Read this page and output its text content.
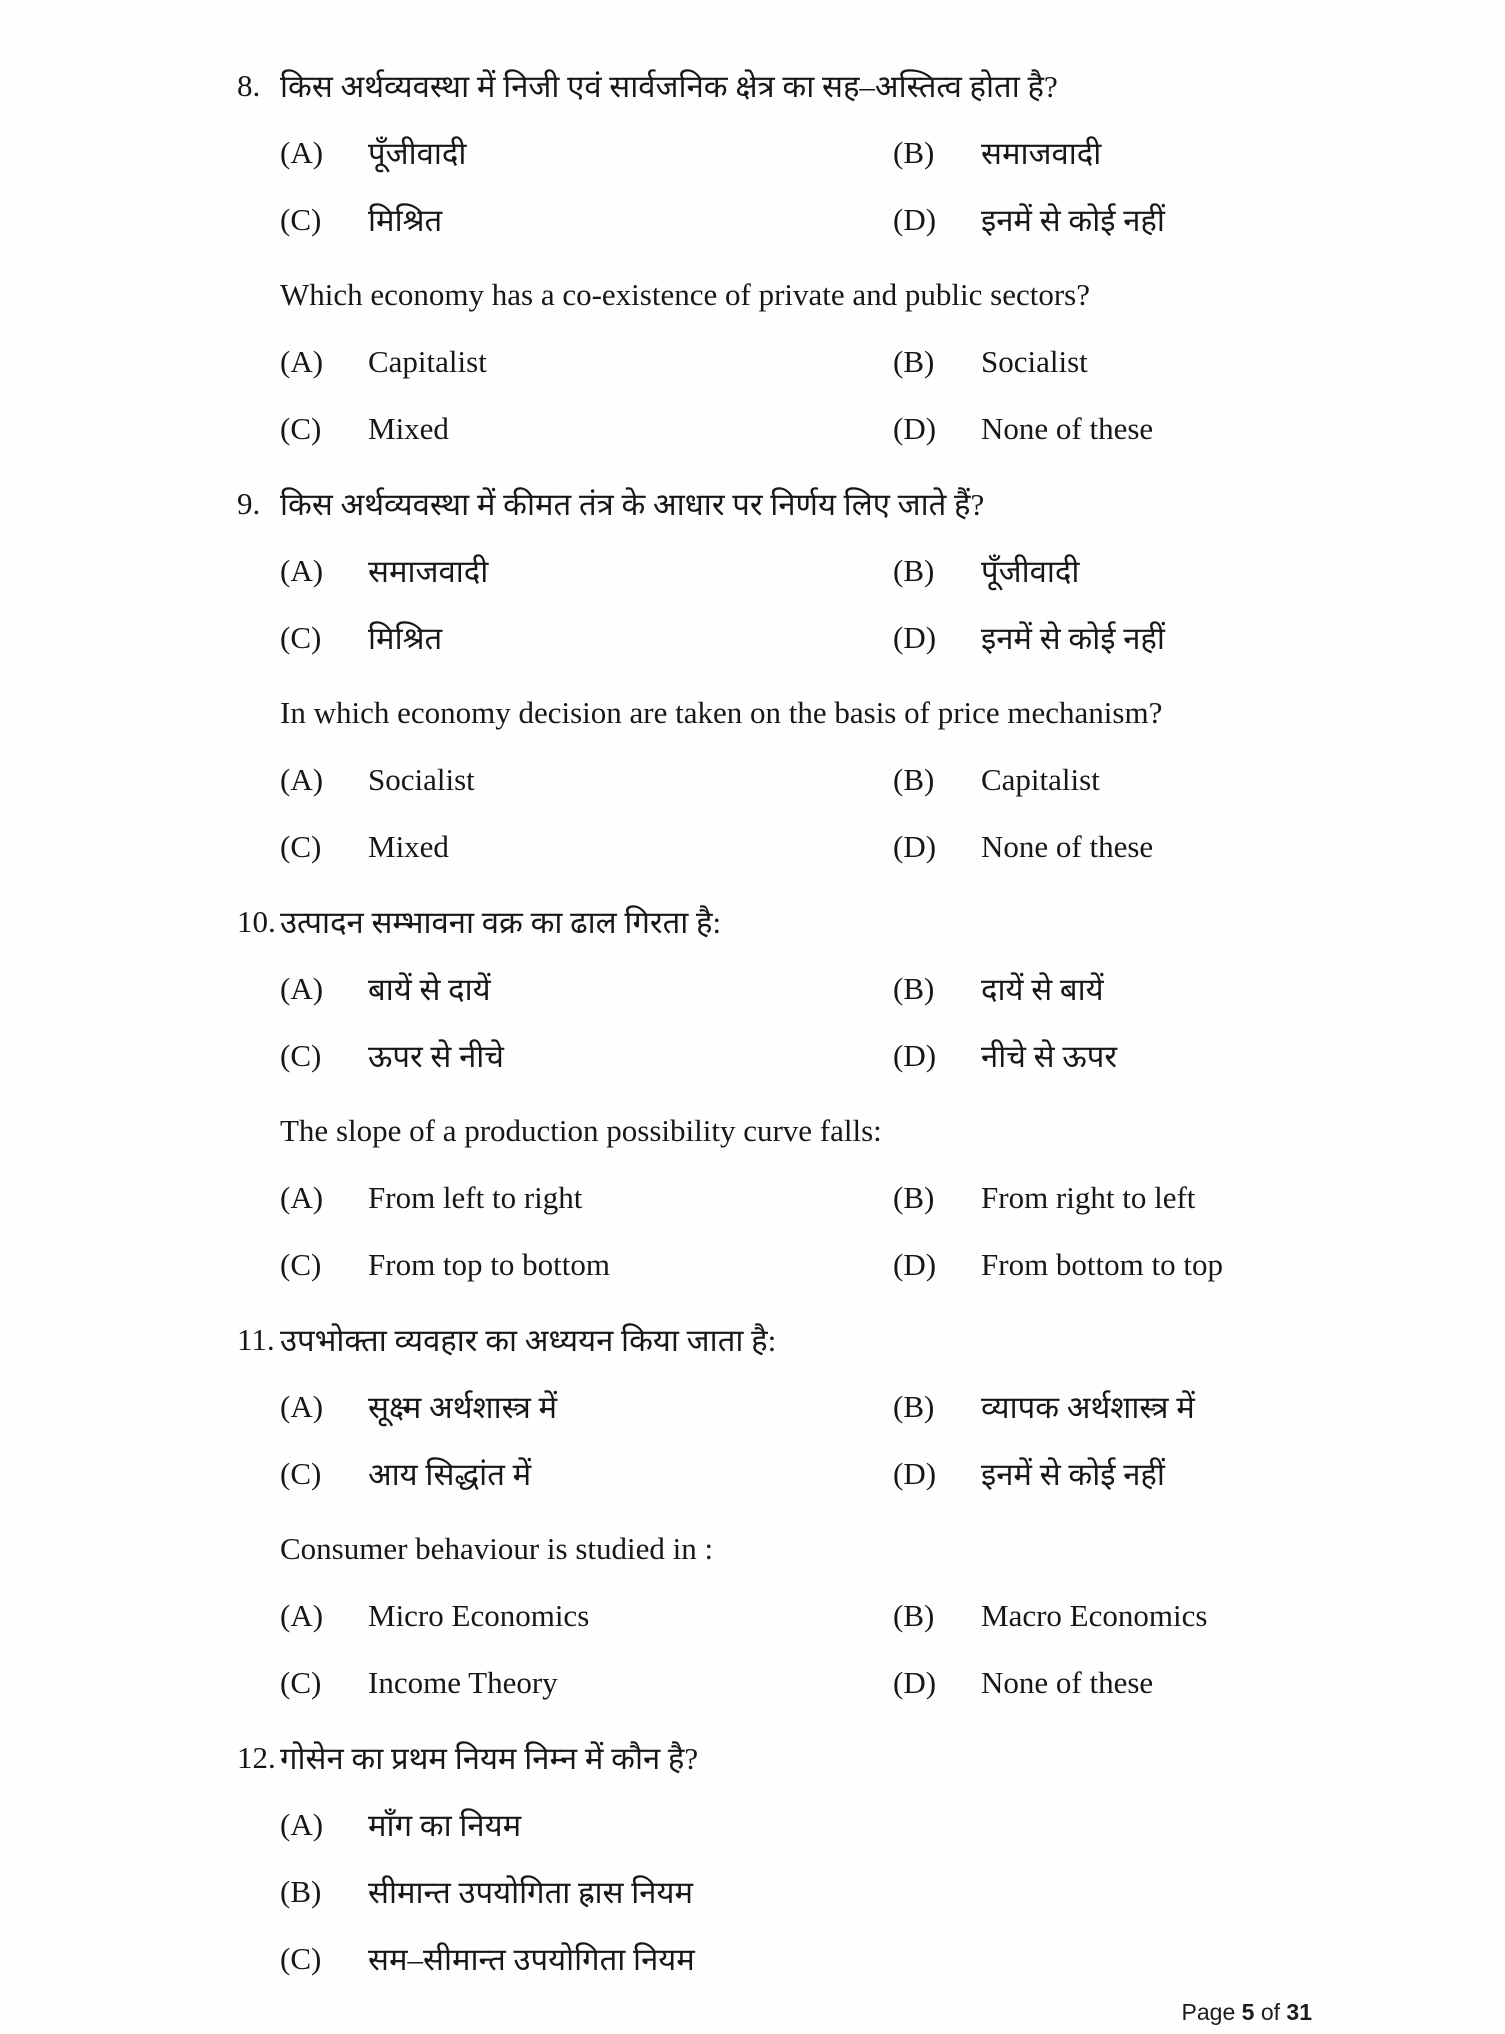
8. किस अर्थव्यवस्था में निजी एवं सार्वजनिक क्षेत्र का सह–अस्तित्व होता है?
(A)	पूँजीवादी	(B)	समाजवादी
(C)	मिश्रित	(D)	इनमें से कोई नहीं
Which economy has a co-existence of private and public sectors?
(A)	Capitalist	(B)	Socialist
(C)	Mixed	(D)	None of these
9. किस अर्थव्यवस्था में कीमत तंत्र के आधार पर निर्णय लिए जाते हैं?
(A)	समाजवादी	(B)	पूँजीवादी
(C)	मिश्रित	(D)	इनमें से कोई नहीं
In which economy decision are taken on the basis of price mechanism?
(A)	Socialist	(B)	Capitalist
(C)	Mixed	(D)	None of these
10. उत्पादन सम्भावना वक्र का ढाल गिरता है:
(A)	बायें से दायें	(B)	दायें से बायें
(C)	ऊपर से नीचे	(D)	नीचे से ऊपर
The slope of a production possibility curve falls:
(A)	From left to right	(B)	From right to left
(C)	From top to bottom	(D)	From bottom to top
11. उपभोक्ता व्यवहार का अध्ययन किया जाता है:
(A)	सूक्ष्म अर्थशास्त्र में	(B)	व्यापक अर्थशास्त्र में
(C)	आय सिद्धांत में	(D)	इनमें से कोई नहीं
Consumer behaviour is studied in :
(A)	Micro Economics	(B)	Macro Economics
(C)	Income Theory	(D)	None of these
12. गोसेन का प्रथम नियम निम्न में कौन है?
(A)	माँग का नियम
(B)	सीमान्त उपयोगिता ह्रास नियम
(C)	सम–सीमान्त उपयोगिता नियम
Page 5 of 31
